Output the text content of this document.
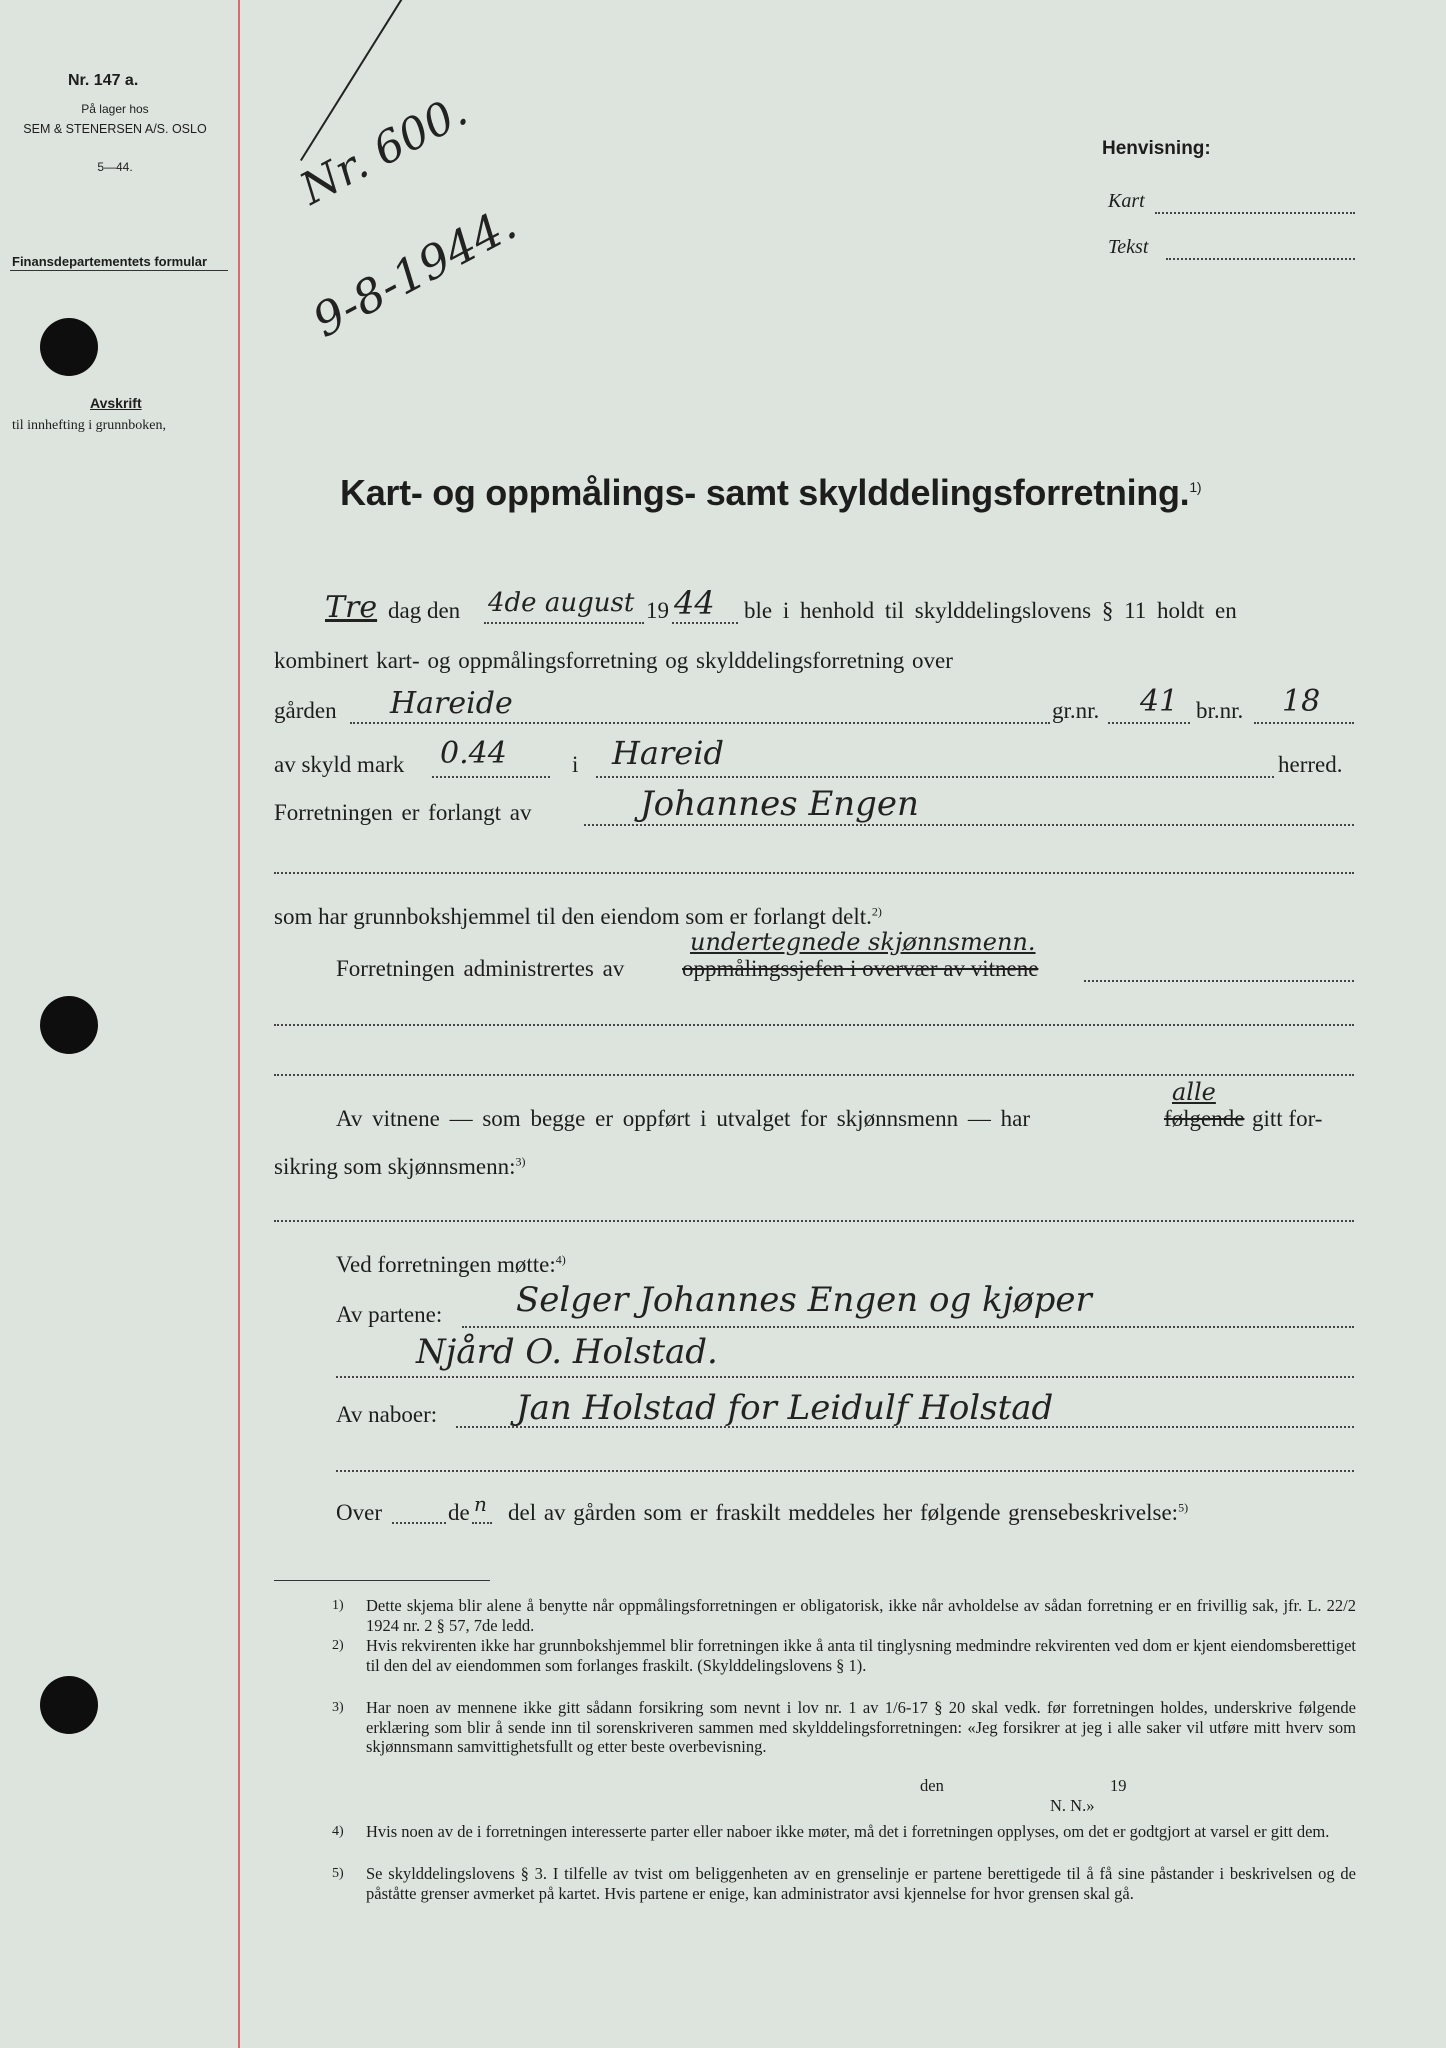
Nr. 147 a.
På lager hos
SEM & STENERSEN A/S. OSLO
5—44.
Finansdepartementets formular
Avskrift
til innhefting i grunnboken,
Nr. 600.
9-8-1944.
Henvisning:
Kart
Tekst
Kart- og oppmålings- samt skylddelingsforretning.$^{1)}$
Tre dag den 4de august 19 44 ble i henhold til skylddelingslovens § 11 holdt en
kombinert kart- og oppmålingsforretning og skylddelingsforretning over
gården Hareide	gr.nr. 41 br.nr. 18
av skyld mark 0.44	i Hareid	herred.
Forretningen er forlangt av	Johannes Engen
som har grunnbokshjemmel til den eiendom som er forlangt delt.$^{2)}$
Forretningen administrertes av
undertegnede skjønnsmenn.
oppmålingssjefen i overvær av vitnene
Av vitnene — som begge er oppført i utvalget for skjønnsmenn — har
alle
følgende gitt for-
sikring som skjønnsmenn:$^{3)}$
Ved forretningen møtte:$^{4)}$
Av partene: Selger Johannes Engen og kjøper
Njård O. Holstad.
Av naboer: Jan Holstad for Leidulf Holstad
Over	de n del av gården som er fraskilt meddeles her følgende grensebeskrivelse:$^{5)}$
1) Dette skjema blir alene å benytte når oppmålingsforretningen er obligatorisk, ikke når avholdelse av sådan forretning er en frivillig sak, jfr. L. 22/2 1924 nr. 2 § 57, 7de ledd.
2) Hvis rekvirenten ikke har grunnbokshjemmel blir forretningen ikke å anta til tinglysning medmindre rekvirenten ved dom er kjent eiendomsberettiget til den del av eiendommen som forlanges fraskilt. (Skylddelingslovens § 1).
3) Har noen av mennene ikke gitt sådann forsikring som nevnt i lov nr. 1 av 1/6-17 § 20 skal vedk. før forretningen holdes, underskrive følgende erklæring som blir å sende inn til sorenskriveren sammen med skylddelingsforretningen: «Jeg forsikrer at jeg i alle saker vil utføre mitt hverv som skjønnsmann samvittighetsfullt og etter beste overbevisning.
den	19
N. N.»
4) Hvis noen av de i forretningen interesserte parter eller naboer ikke møter, må det i forretningen opplyses, om det er godtgjort at varsel er gitt dem.
5) Se skylddelingslovens § 3. I tilfelle av tvist om beliggenheten av en grenselinje er partene berettigede til å få sine påstander i beskrivelsen og de påståtte grenser avmerket på kartet. Hvis partene er enige, kan administrator avsi kjennelse for hvor grensen skal gå.
